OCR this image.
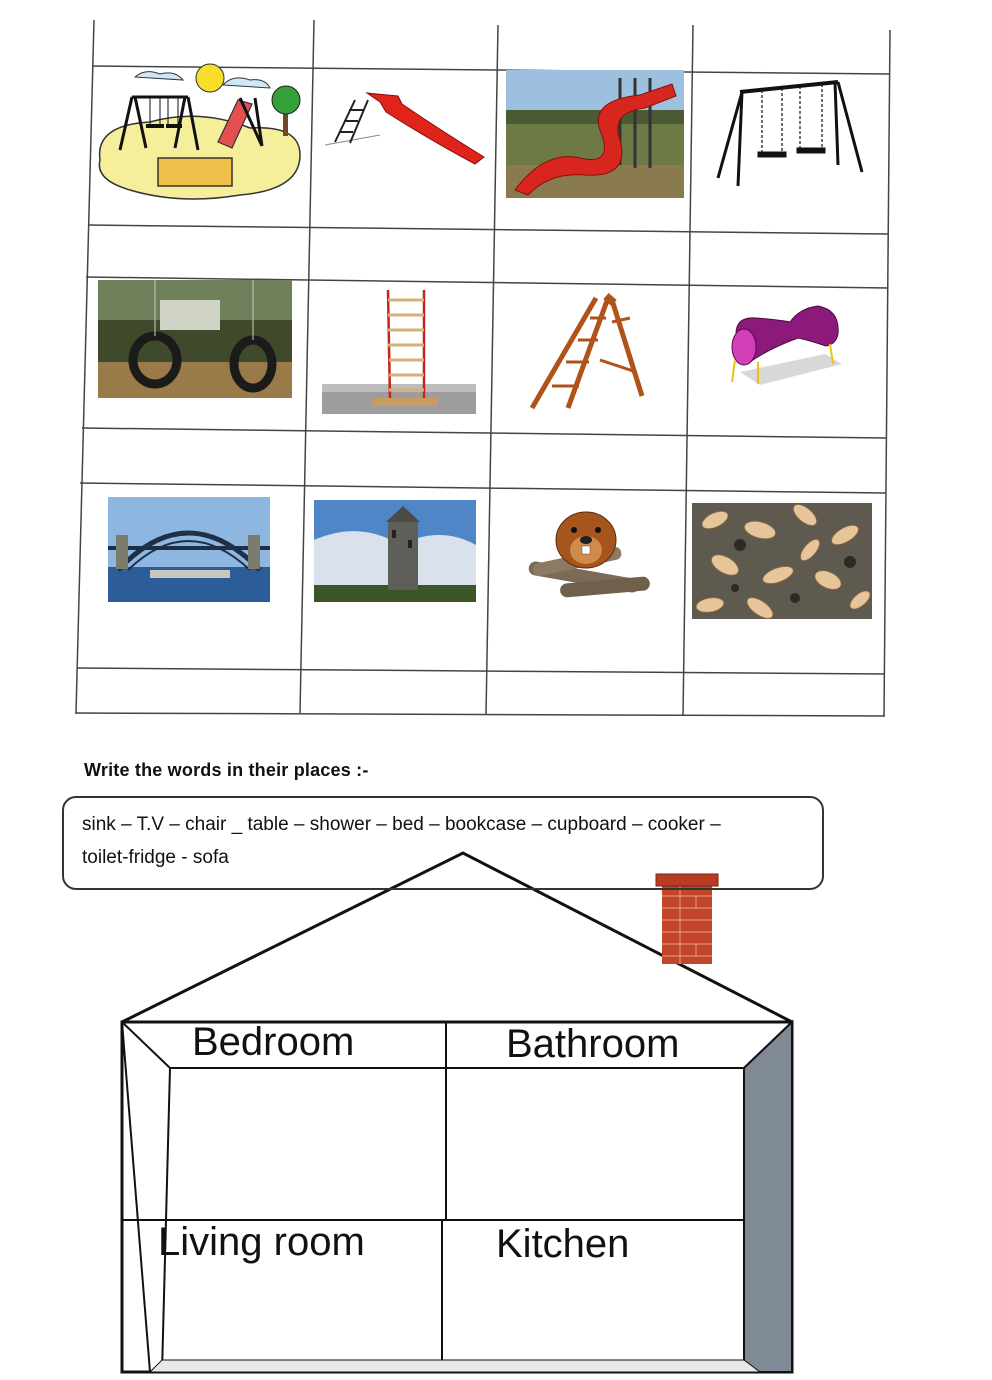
Write the words in their places :-
sink – T.V – chair _ table – shower – bed – bookcase – cupboard – cooker –
toilet-fridge - sofa
Bedroom	Bathroom
Living room	Kitchen
